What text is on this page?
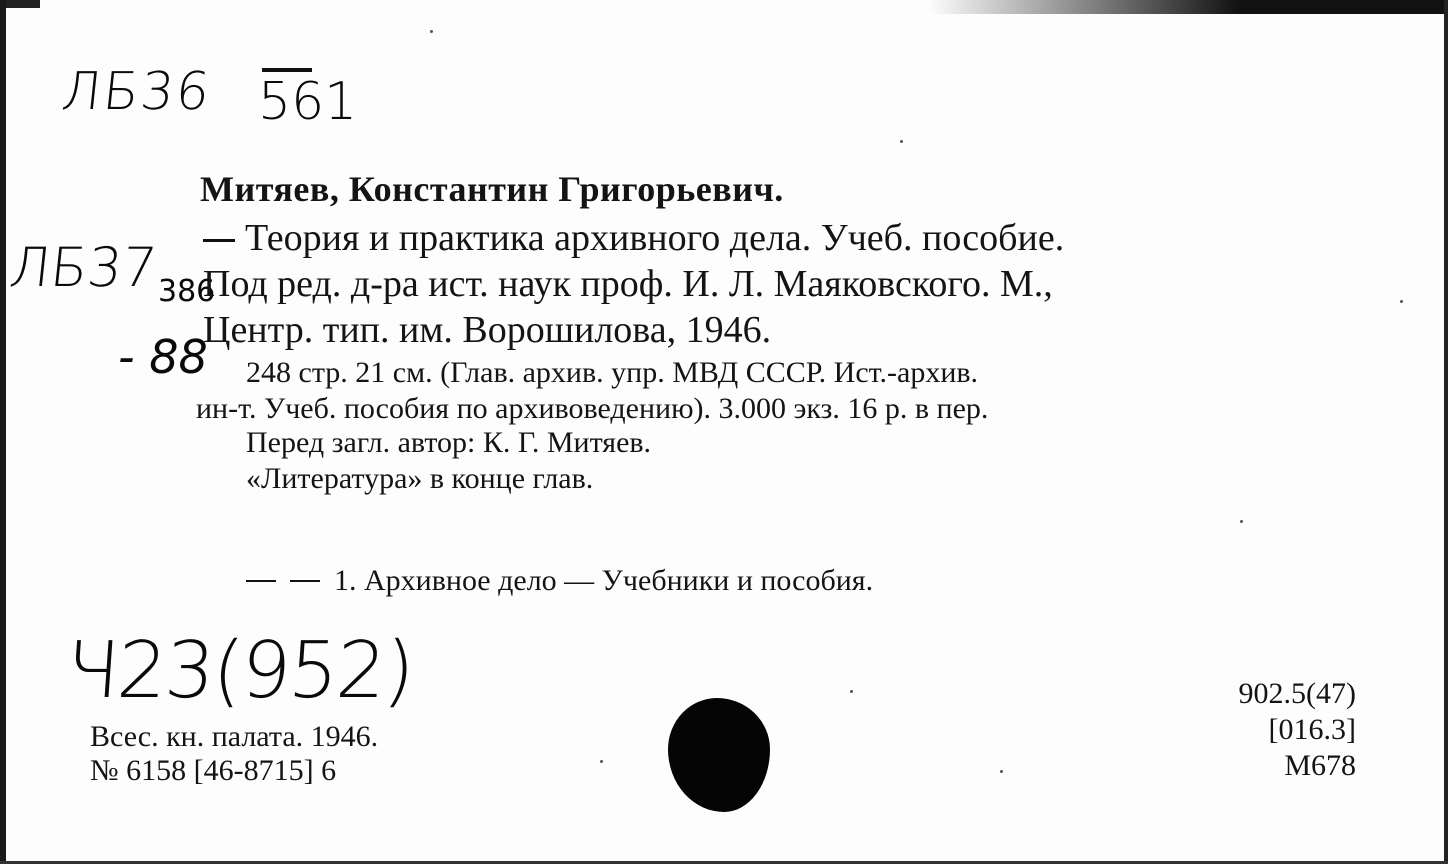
ЛБ36 561
ЛБ37
386
- 88
Ч23(952)
Митяев, Константин Григорьевич.
Теория и практика архивного дела. Учеб. пособие.
Под ред. д-ра ист. наук проф. И. Л. Маяковского. М.,
Центр. тип. им. Ворошилова, 1946.
248 стр. 21 см. (Глав. архив. упр. МВД СССР. Ист.-архив.
ин-т. Учеб. пособия по архивоведению). 3.000 экз. 16 р. в пер.
Перед загл. автор: К. Г. Митяев.
«Литература» в конце глав.
1. Архивное дело — Учебники и пособия.
Всес. кн. палата. 1946.
№ 6158 [46-8715] 6
902.5(47)
[016.3]
М678
